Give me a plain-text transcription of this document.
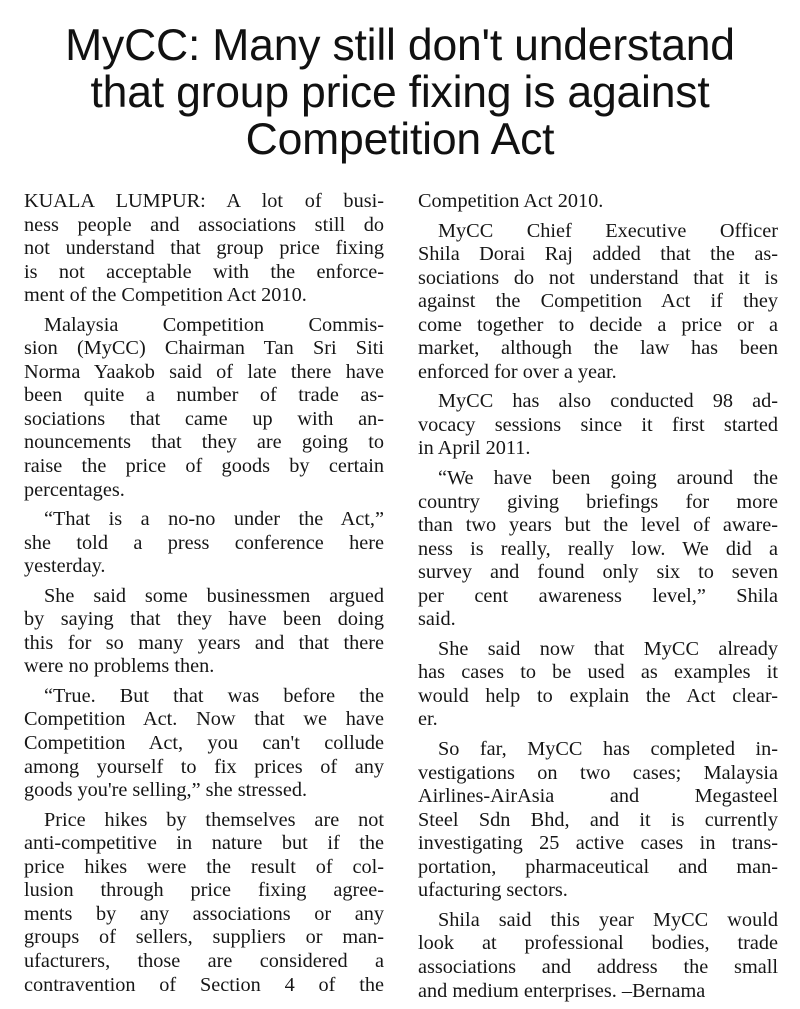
MyCC: Many still don't understand
that group price fixing is against
Competition Act
KUALA LUMPUR: A lot of busi-
ness people and associations still do
not understand that group price fixing
is not acceptable with the enforce-
ment of the Competition Act 2010.
Malaysia Competition Commis-
sion (MyCC) Chairman Tan Sri Siti
Norma Yaakob said of late there have
been quite a number of trade as-
sociations that came up with an-
nouncements that they are going to
raise the price of goods by certain
percentages.
“That is a no-no under the Act,”
she told a press conference here
yesterday.
She said some businessmen argued
by saying that they have been doing
this for so many years and that there
were no problems then.
“True. But that was before the
Competition Act. Now that we have
Competition Act, you can't collude
among yourself to fix prices of any
goods you're selling,” she stressed.
Price hikes by themselves are not
anti-competitive in nature but if the
price hikes were the result of col-
lusion through price fixing agree-
ments by any associations or any
groups of sellers, suppliers or man-
ufacturers, those are considered a
contravention of Section 4 of the
Competition Act 2010.
MyCC Chief Executive Officer
Shila Dorai Raj added that the as-
sociations do not understand that it is
against the Competition Act if they
come together to decide a price or a
market, although the law has been
enforced for over a year.
MyCC has also conducted 98 ad-
vocacy sessions since it first started
in April 2011.
“We have been going around the
country giving briefings for more
than two years but the level of aware-
ness is really, really low. We did a
survey and found only six to seven
per cent awareness level,” Shila
said.
She said now that MyCC already
has cases to be used as examples it
would help to explain the Act clear-
er.
So far, MyCC has completed in-
vestigations on two cases; Malaysia
Airlines-AirAsia and Megasteel
Steel Sdn Bhd, and it is currently
investigating 25 active cases in trans-
portation, pharmaceutical and man-
ufacturing sectors.
Shila said this year MyCC would
look at professional bodies, trade
associations and address the small
and medium enterprises. –Bernama
